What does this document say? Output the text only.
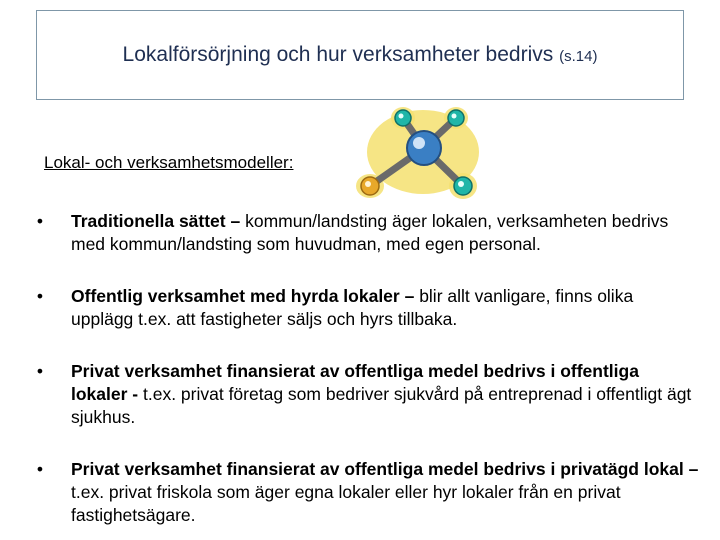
Lokalförsörjning och hur verksamheter bedrivs (s.14)
Lokal- och verksamhetsmodeller:
•	Traditionella sättet – kommun/landsting äger lokalen, verksamheten bedrivs med kommun/landsting som huvudman, med egen personal.
•	Offentlig verksamhet med hyrda lokaler – blir allt vanligare, finns olika upplägg t.ex. att fastigheter säljs och hyrs tillbaka.
•	Privat verksamhet finansierat av offentliga medel bedrivs i offentliga lokaler - t.ex. privat företag som bedriver sjukvård på entreprenad i offentligt ägt sjukhus.
•	Privat verksamhet finansierat av offentliga medel bedrivs i privatägd lokal – t.ex. privat friskola som äger egna lokaler eller hyr lokaler från en privat fastighetsägare.
